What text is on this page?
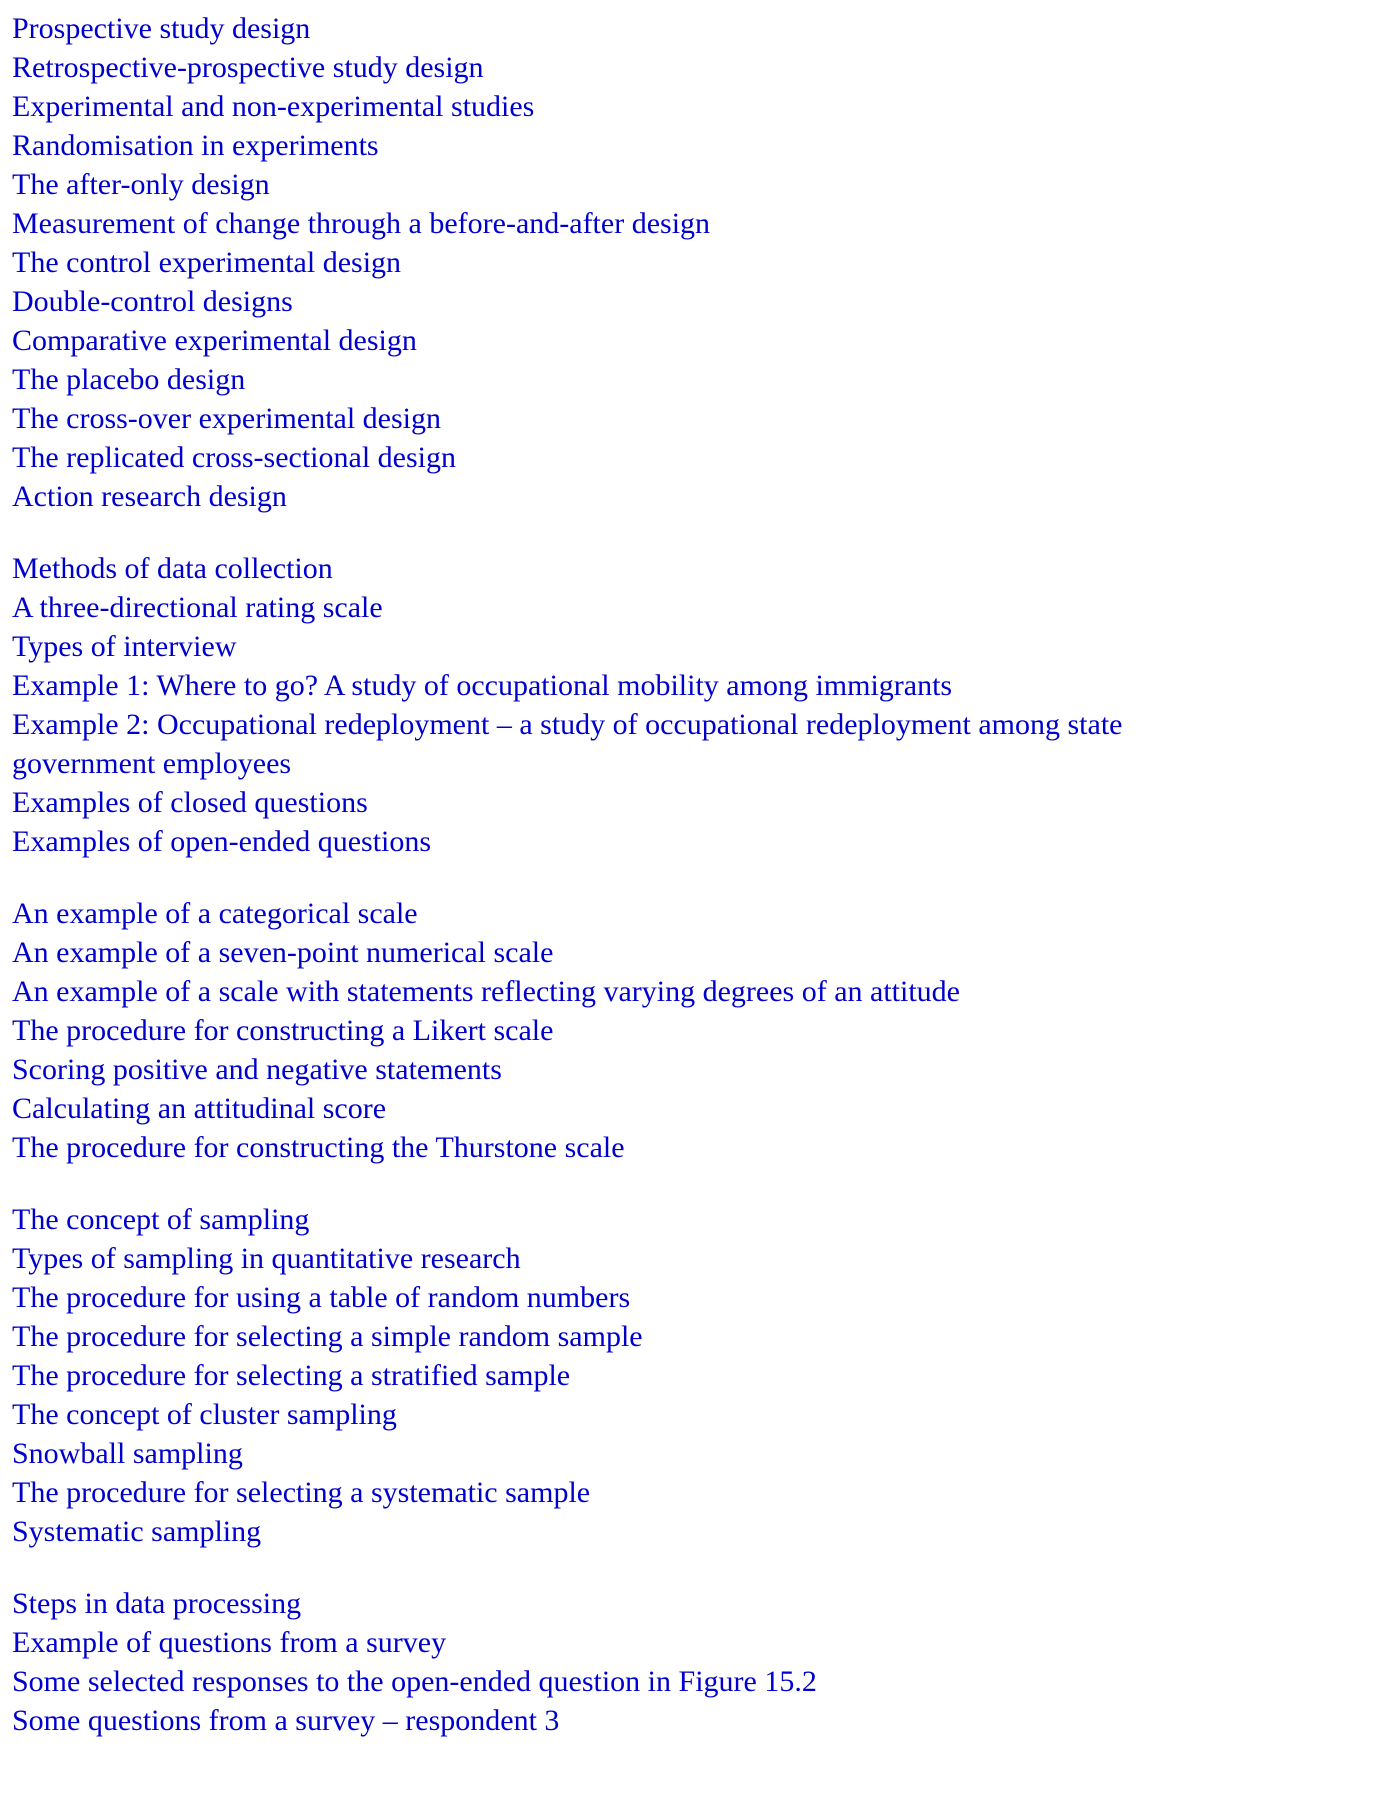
Prospective study design
Retrospective-prospective study design
Experimental and non-experimental studies
Randomisation in experiments
The after-only design
Measurement of change through a before-and-after design
The control experimental design
Double-control designs
Comparative experimental design
The placebo design
The cross-over experimental design
The replicated cross-sectional design
Action research design
Methods of data collection
A three-directional rating scale
Types of interview
Example 1: Where to go? A study of occupational mobility among immigrants
Example 2: Occupational redeployment – a study of occupational redeployment among state government employees
Examples of closed questions
Examples of open-ended questions
An example of a categorical scale
An example of a seven-point numerical scale
An example of a scale with statements reflecting varying degrees of an attitude
The procedure for constructing a Likert scale
Scoring positive and negative statements
Calculating an attitudinal score
The procedure for constructing the Thurstone scale
The concept of sampling
Types of sampling in quantitative research
The procedure for using a table of random numbers
The procedure for selecting a simple random sample
The procedure for selecting a stratified sample
The concept of cluster sampling
Snowball sampling
The procedure for selecting a systematic sample
Systematic sampling
Steps in data processing
Example of questions from a survey
Some selected responses to the open-ended question in Figure 15.2
Some questions from a survey – respondent 3
